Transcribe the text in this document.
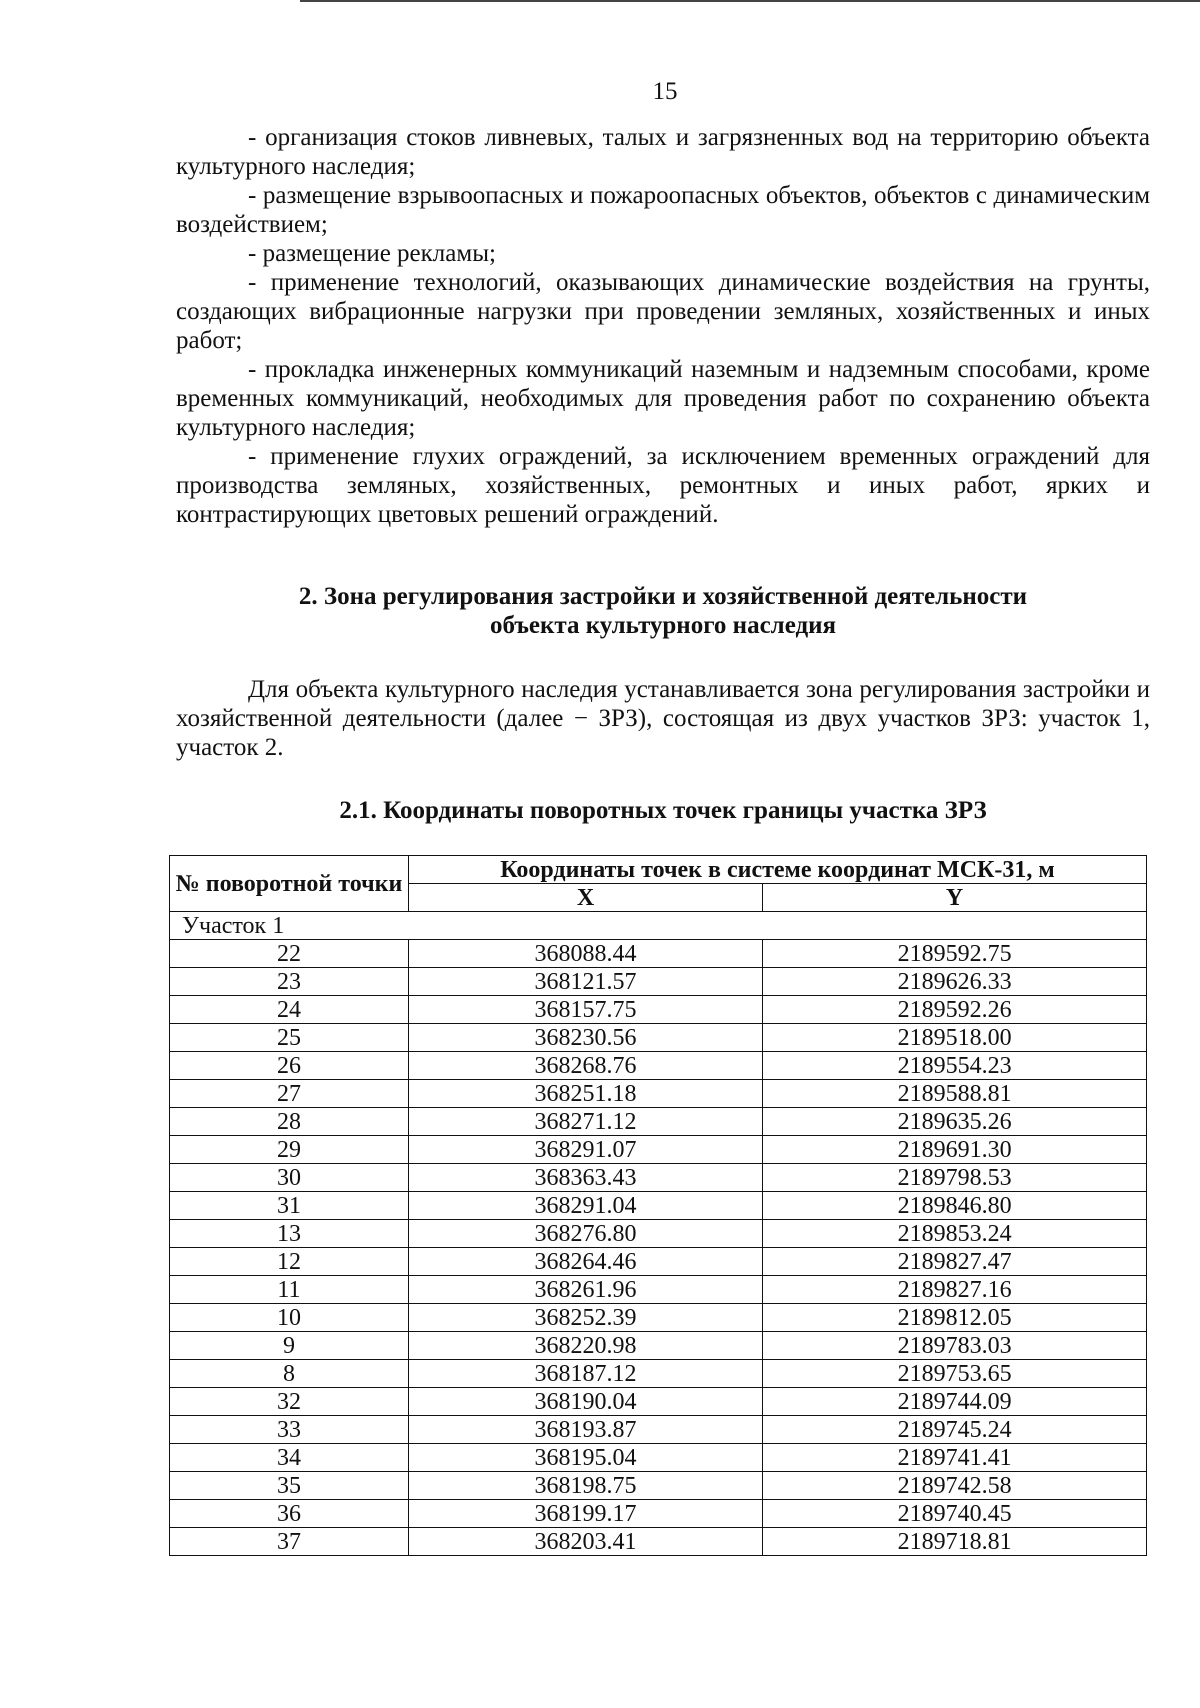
15

- организация стоков ливневых, талых и загрязненных вод на территорию объекта культурного наследия;

- размещение взрывоопасных и пожароопасных объектов, объектов с динамическим воздействием;

- размещение рекламы;

- применение технологий, оказывающих динамические воздействия на грунты, создающих вибрационные нагрузки при проведении земляных, хозяйственных и иных работ;

- прокладка инженерных коммуникаций наземным и надземным способами, кроме временных коммуникаций, необходимых для проведения работ по сохранению объекта культурного наследия;

- применение глухих ограждений, за исключением временных ограждений для производства земляных, хозяйственных, ремонтных и иных работ, ярких и контрастирующих цветовых решений ограждений.

2. Зона регулирования застройки и хозяйственной деятельности
объекта культурного наследия

Для объекта культурного наследия устанавливается зона регулирования застройки и хозяйственной деятельности (далее − ЗРЗ), состоящая из двух участков ЗРЗ: участок 1, участок 2.

2.1. Координаты поворотных точек границы участка ЗРЗ

№ поворотной точки	Координаты точек в системе координат МСК-31, м	
	X	Y
Участок 1		
22	368088.44	2189592.75
23	368121.57	2189626.33
24	368157.75	2189592.26
25	368230.56	2189518.00
26	368268.76	2189554.23
27	368251.18	2189588.81
28	368271.12	2189635.26
29	368291.07	2189691.30
30	368363.43	2189798.53
31	368291.04	2189846.80
13	368276.80	2189853.24
12	368264.46	2189827.47
11	368261.96	2189827.16
10	368252.39	2189812.05
9	368220.98	2189783.03
8	368187.12	2189753.65
32	368190.04	2189744.09
33	368193.87	2189745.24
34	368195.04	2189741.41
35	368198.75	2189742.58
36	368199.17	2189740.45
37	368203.41	2189718.81
